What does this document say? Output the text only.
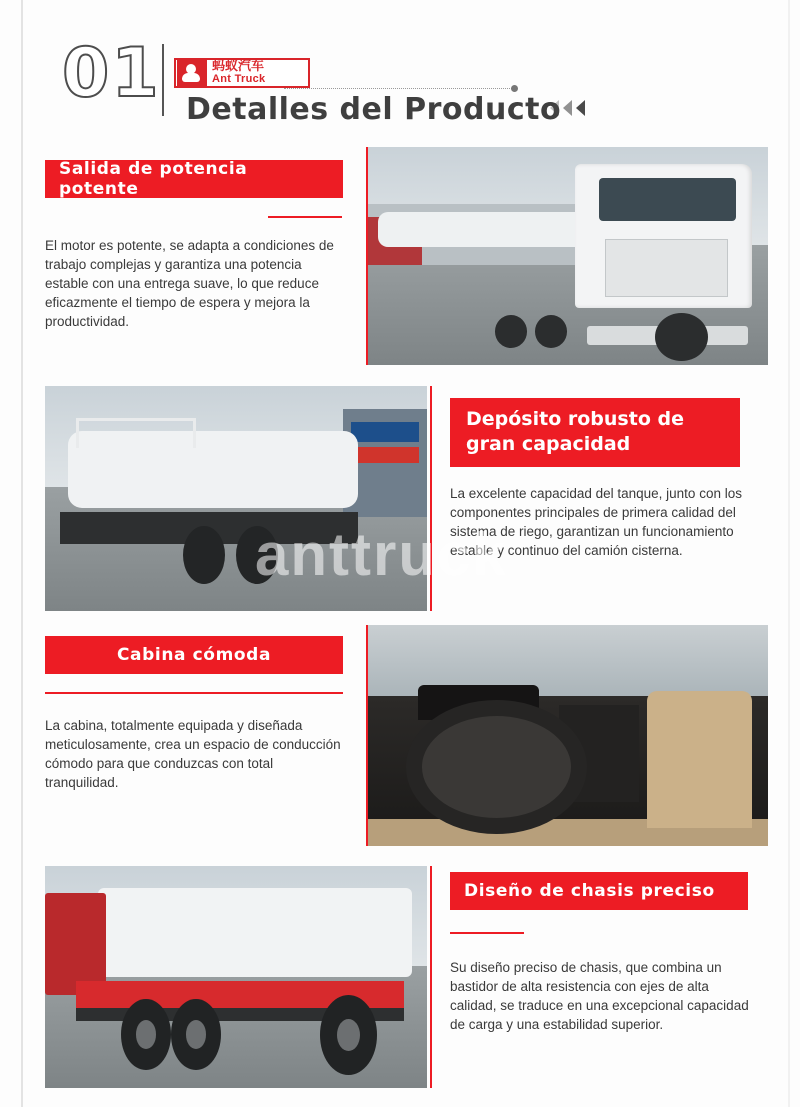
01	蚂蚁汽车
Ant Truck
Detalles del Producto
Salida de potencia potente
El motor es potente, se adapta a condiciones de trabajo complejas y garantiza una potencia estable con una entrega suave, lo que reduce eficazmente el tiempo de espera y mejora la productividad.
Depósito robusto de gran capacidad
La excelente capacidad del tanque, junto con los componentes principales de primera calidad del sistema de riego, garantizan un funcionamiento estable y continuo del camión cisterna.
Cabina cómoda
La cabina, totalmente equipada y diseñada meticulosamente, crea un espacio de conducción cómodo para que conduzcas con total tranquilidad.
Diseño de chasis preciso
Su diseño preciso de chasis, que combina un bastidor de alta resistencia con ejes de alta calidad, se traduce en una excepcional capacidad de carga y una estabilidad superior.
anttruck
